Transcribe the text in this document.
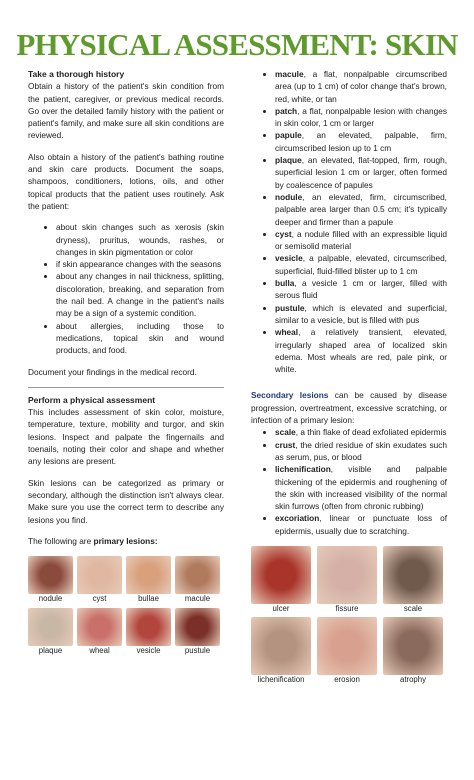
PHYSICAL ASSESSMENT: SKIN
Take a thorough history

Obtain a history of the patient's skin condition from the patient, caregiver, or previous medical records. Go over the detailed family history with the patient or patient's family, and make sure all skin conditions are reviewed.

Also obtain a history of the patient's bathing routine and skin care products. Document the soaps, shampoos, conditioners, lotions, oils, and other topical products that the patient uses routinely. Ask the patient:

• about skin changes such as xerosis (skin dryness), pruritus, wounds, rashes, or changes in skin pigmentation or color
• if skin appearance changes with the seasons
• about any changes in nail thickness, splitting, discoloration, breaking, and separation from the nail bed. A change in the patient's nails may be a sign of a systemic condition.
• about allergies, including those to medications, topical skin and wound products, and food.

Document your findings in the medical record.

Perform a physical assessment

This includes assessment of skin color, moisture, temperature, texture, mobility and turgor, and skin lesions. Inspect and palpate the fingernails and toenails, noting their color and shape and whether any lesions are present.

Skin lesions can be categorized as primary or secondary, although the distinction isn't always clear. Make sure you use the correct term to describe any lesions you find.

The following are primary lesions:

nodule	cyst	bullae	macule
plaque	wheal	vesicle	pustule
• macule, a flat, nonpalpable circumscribed area (up to 1 cm) of color change that's brown, red, white, or tan
• patch, a flat, nonpalpable lesion with changes in skin color, 1 cm or larger
• papule, an elevated, palpable, firm, circumscribed lesion up to 1 cm
• plaque, an elevated, flat-topped, firm, rough, superficial lesion 1 cm or larger, often formed by coalescence of papules
• nodule, an elevated, firm, circumscribed, palpable area larger than 0.5 cm; it's typically deeper and firmer than a papule
• cyst, a nodule filled with an expressible liquid or semisolid material
• vesicle, a palpable, elevated, circumscribed, superficial, fluid-filled blister up to 1 cm
• bulla, a vesicle 1 cm or larger, filled with serous fluid
• pustule, which is elevated and superficial, similar to a vesicle, but is filled with pus
• wheal, a relatively transient, elevated, irregularly shaped area of localized skin edema. Most wheals are red, pale pink, or white.

Secondary lesions can be caused by disease progression, overtreatment, excessive scratching, or infection of a primary lesion:

• scale, a thin flake of dead exfoliated epidermis
• crust, the dried residue of skin exudates such as serum, pus, or blood
• lichenification, visible and palpable thickening of the epidermis and roughening of the skin with increased visibility of the normal skin furrows (often from chronic rubbing)
• excoriation, linear or punctuate loss of epidermis, usually due to scratching.
ulcer	fissure	scale
lichenification	erosion	atrophy
